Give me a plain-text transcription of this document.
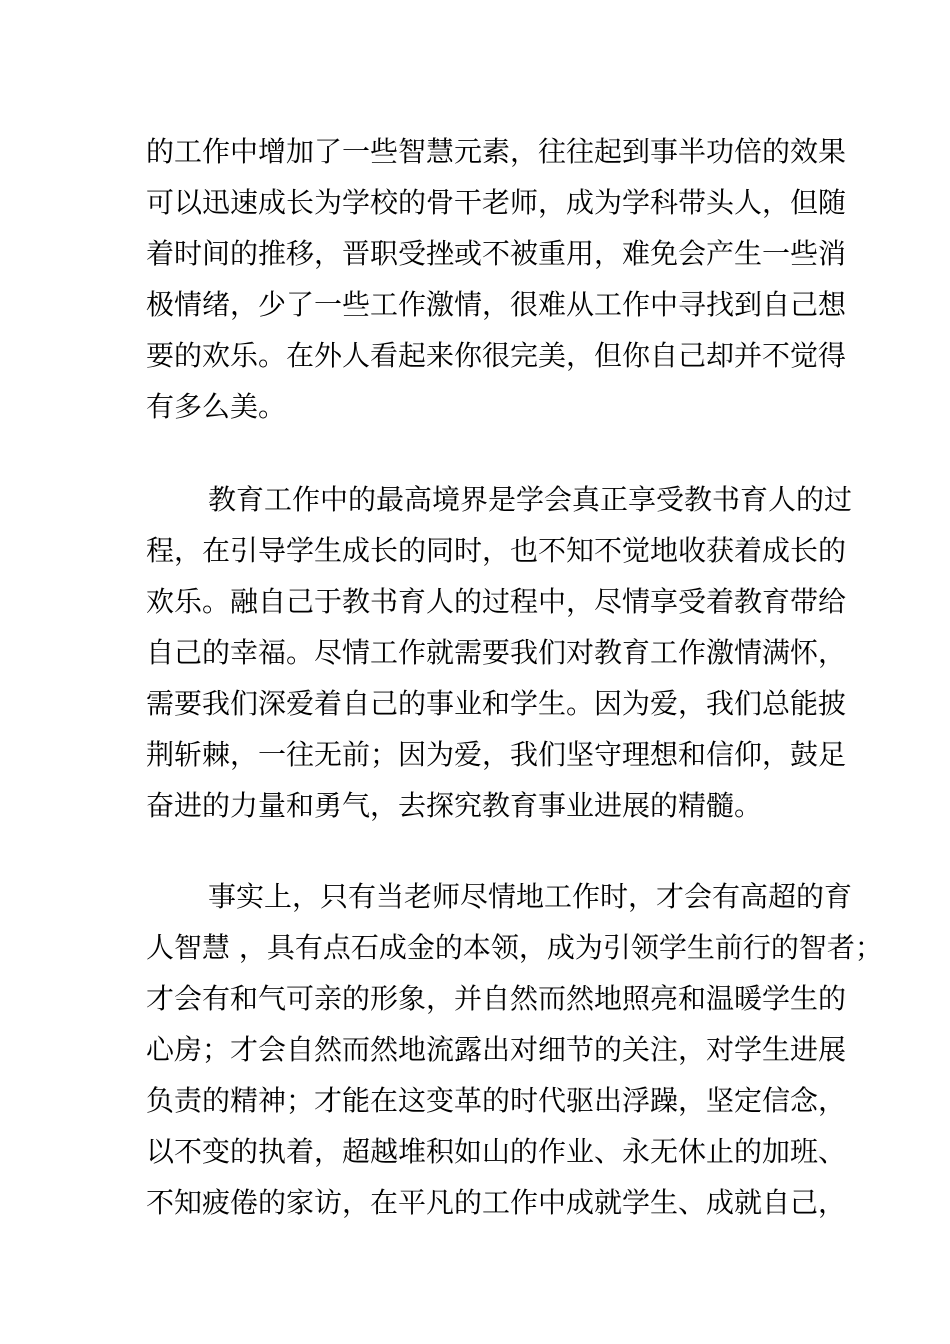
的工作中增加了一些智慧元素，往往起到事半功倍的效果
可以迅速成长为学校的骨干老师，成为学科带头人，但随
着时间的推移，晋职受挫或不被重用，难免会产生一些消
极情绪，少了一些工作激情，很难从工作中寻找到自己想
要的欢乐。在外人看起来你很完美，但你自己却并不觉得
有多么美。
教育工作中的最高境界是学会真正享受教书育人的过
程，在引导学生成长的同时，也不知不觉地收获着成长的
欢乐。融自己于教书育人的过程中，尽情享受着教育带给
自己的幸福。尽情工作就需要我们对教育工作激情满怀，
需要我们深爱着自己的事业和学生。因为爱，我们总能披
荆斩棘，一往无前；因为爱，我们坚守理想和信仰，鼓足
奋进的力量和勇气，去探究教育事业进展的精髓。
事实上，只有当老师尽情地工作时，才会有高超的育
人智慧 ，具有点石成金的本领，成为引领学生前行的智者；
才会有和气可亲的形象，并自然而然地照亮和温暖学生的
心房；才会自然而然地流露出对细节的关注，对学生进展
负责的精神；才能在这变革的时代驱出浮躁，坚定信念，
以不变的执着，超越堆积如山的作业、永无休止的加班、
不知疲倦的家访，在平凡的工作中成就学生、成就自己，
